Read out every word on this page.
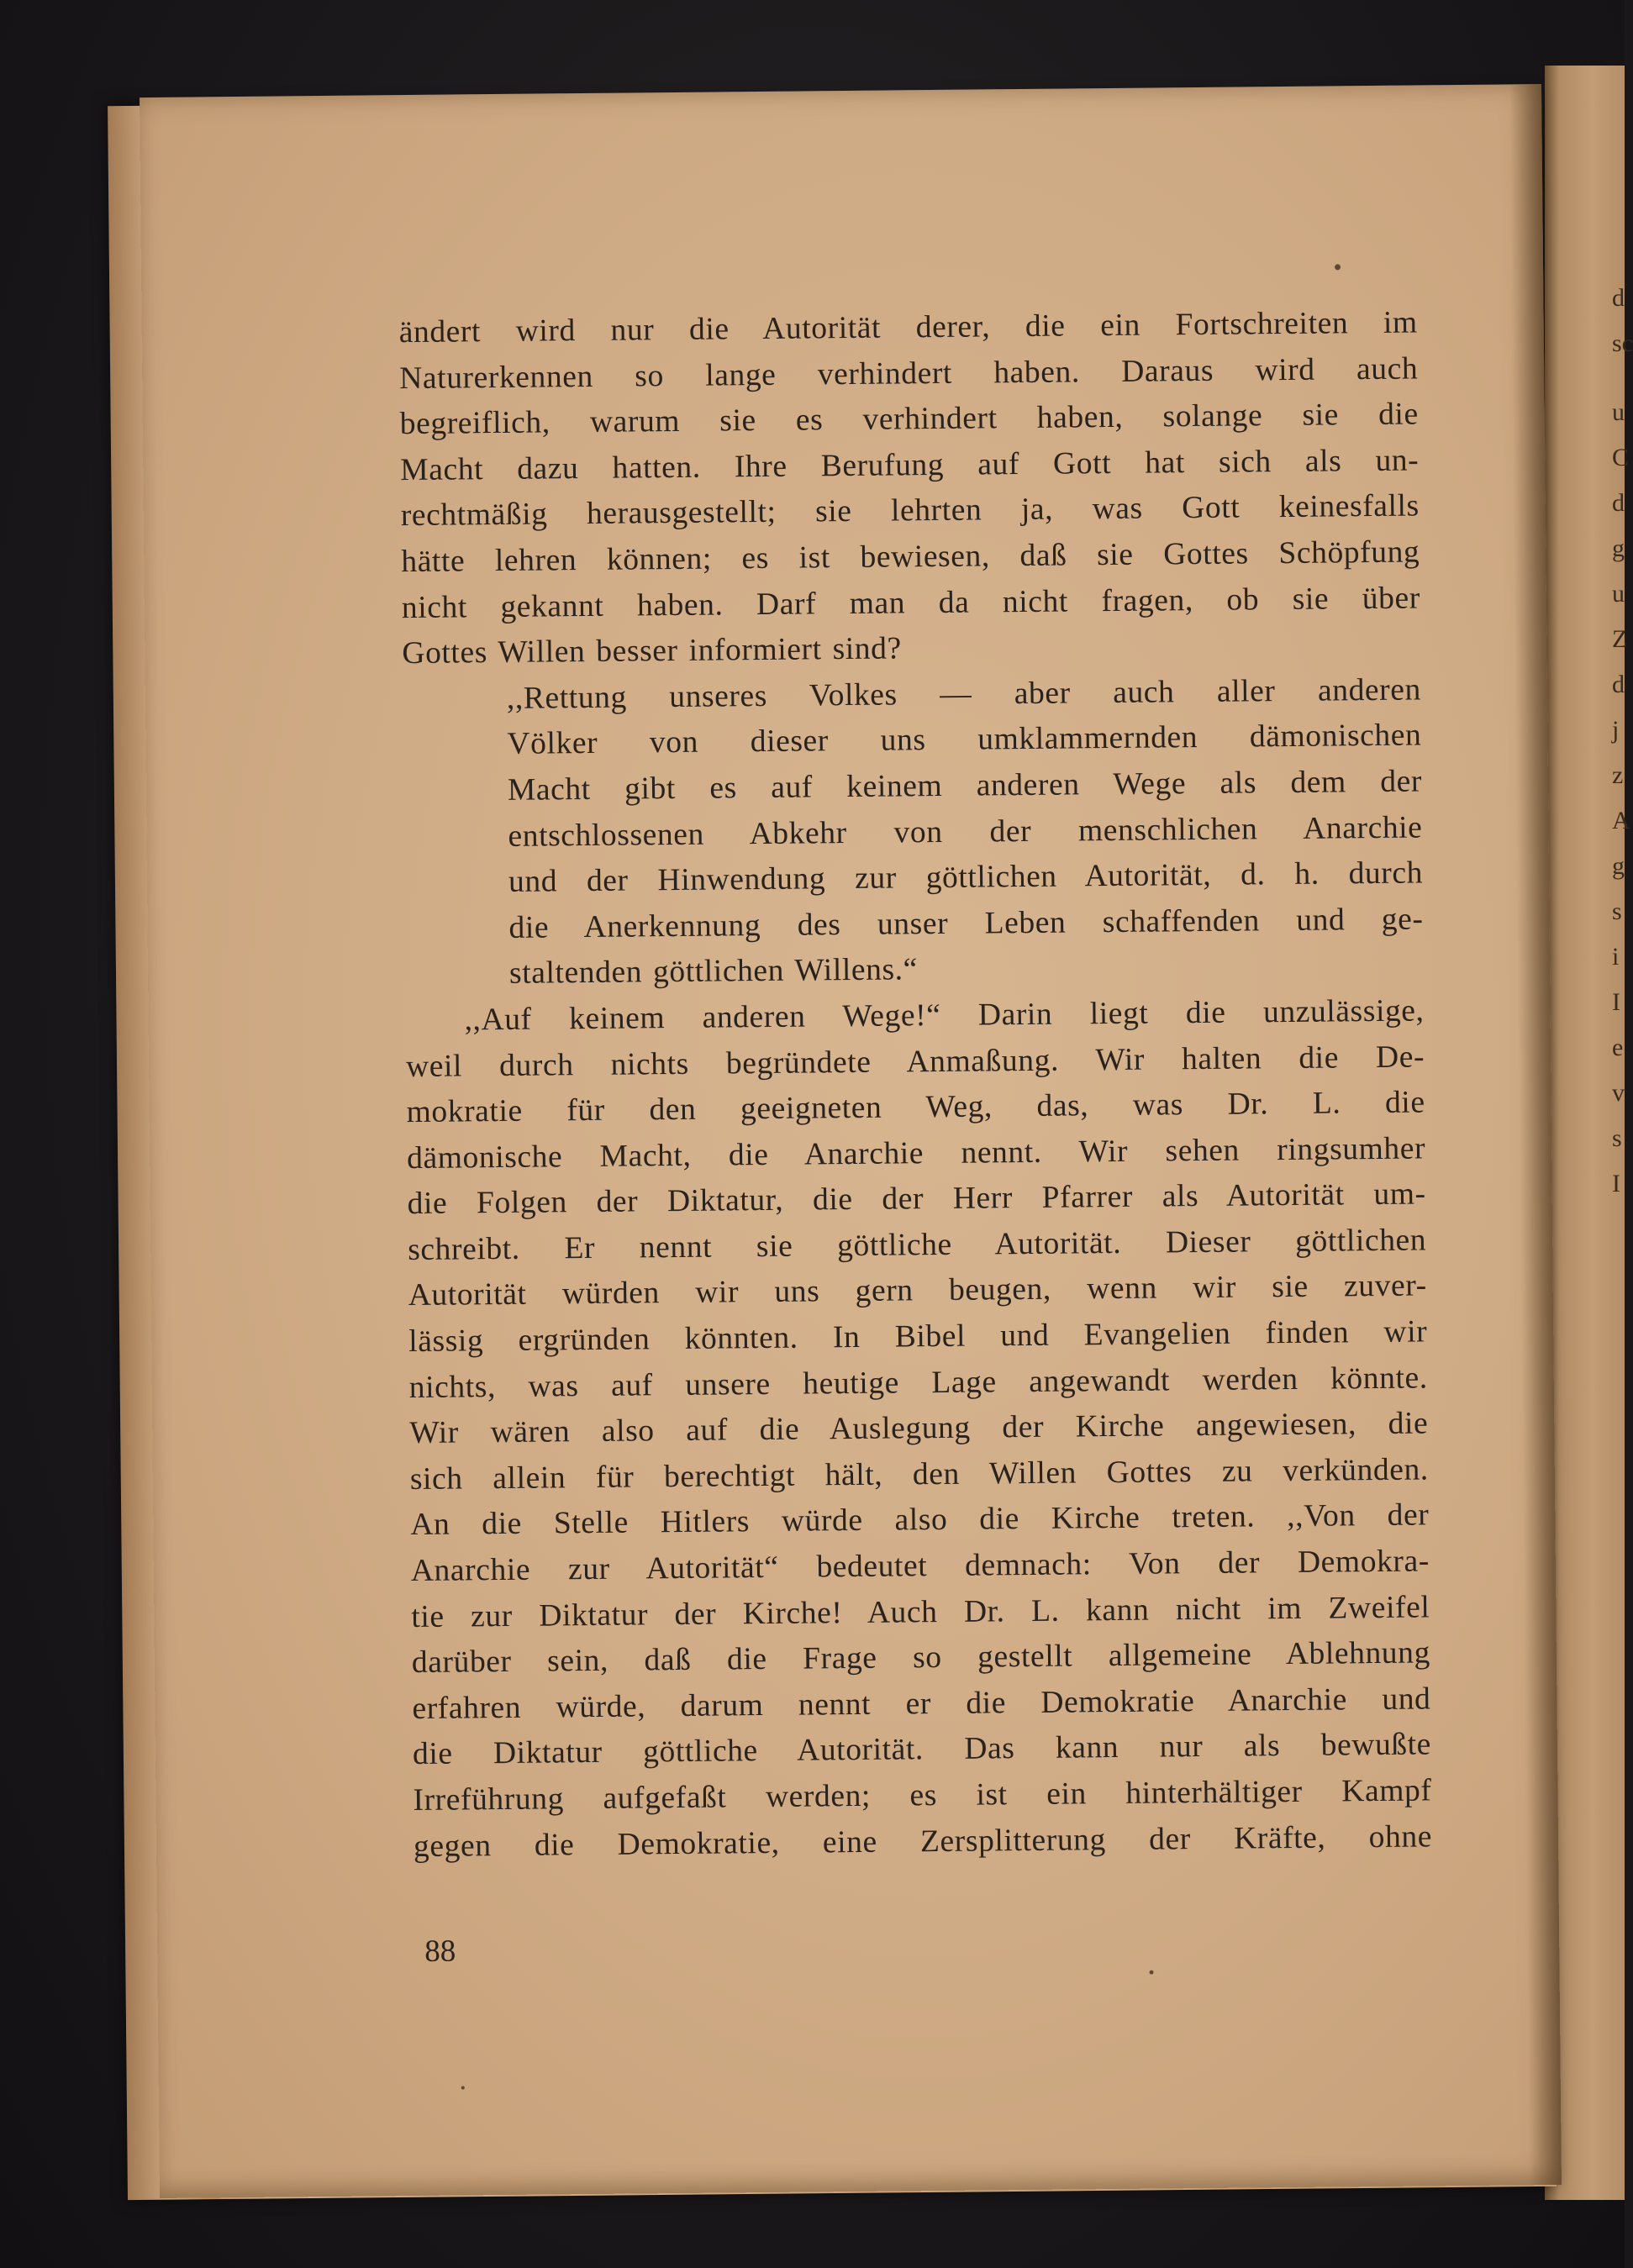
d
sc
u
C
d
g
u
Z
d
j
z
A
g
s
i
I
e
v
s
I

ändert wird nur die Autorität derer, die ein Fortschreiten im

Naturerkennen so lange verhindert haben. Daraus wird auch

begreiflich, warum sie es verhindert haben, solange sie die

Macht dazu hatten. Ihre Berufung auf Gott hat sich als un-

rechtmäßig herausgestellt; sie lehrten ja, was Gott keinesfalls

hätte lehren können; es ist bewiesen, daß sie Gottes Schöpfung

nicht gekannt haben. Darf man da nicht fragen, ob sie über

Gottes Willen besser informiert sind?

,,Rettung unseres Volkes — aber auch aller anderen

Völker von dieser uns umklammernden dämonischen

Macht gibt es auf keinem anderen Wege als dem der

entschlossenen Abkehr von der menschlichen Anarchie

und der Hinwendung zur göttlichen Autorität, d. h. durch

die Anerkennung des unser Leben schaffenden und ge-

staltenden göttlichen Willens.“

,,Auf keinem anderen Wege!“ Darin liegt die unzulässige,

weil durch nichts begründete Anmaßung. Wir halten die De-

mokratie für den geeigneten Weg, das, was Dr. L. die

dämonische Macht, die Anarchie nennt. Wir sehen ringsumher

die Folgen der Diktatur, die der Herr Pfarrer als Autorität um-

schreibt. Er nennt sie göttliche Autorität. Dieser göttlichen

Autorität würden wir uns gern beugen, wenn wir sie zuver-

lässig ergründen könnten. In Bibel und Evangelien finden wir

nichts, was auf unsere heutige Lage angewandt werden könnte.

Wir wären also auf die Auslegung der Kirche angewiesen, die

sich allein für berechtigt hält, den Willen Gottes zu verkünden.

An die Stelle Hitlers würde also die Kirche treten. ,,Von der

Anarchie zur Autorität“ bedeutet demnach: Von der Demokra-

tie zur Diktatur der Kirche! Auch Dr. L. kann nicht im Zweifel

darüber sein, daß die Frage so gestellt allgemeine Ablehnung

erfahren würde, darum nennt er die Demokratie Anarchie und

die Diktatur göttliche Autorität. Das kann nur als bewußte

Irreführung aufgefaßt werden; es ist ein hinterhältiger Kampf

gegen die Demokratie, eine Zersplitterung der Kräfte, ohne

88
